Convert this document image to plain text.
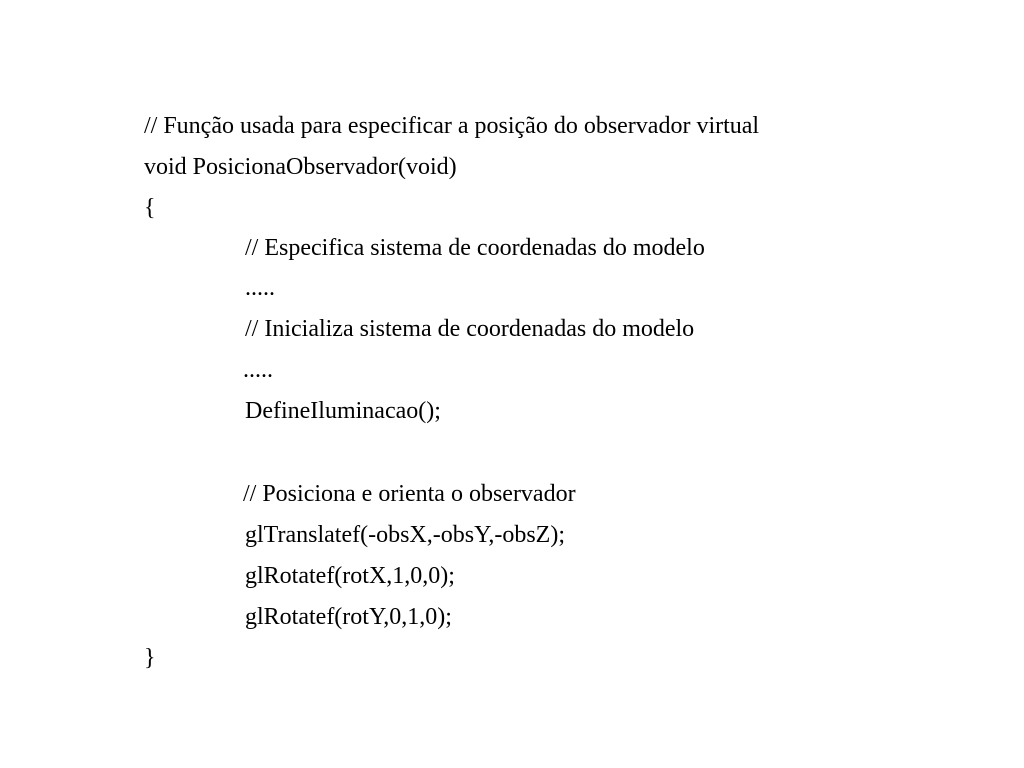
// Função usada para especificar a posição do observador virtual
void PosicionaObservador(void)
{
// Especifica sistema de coordenadas do modelo
.....
// Inicializa sistema de coordenadas do modelo
.....
DefineIluminacao();
// Posiciona e orienta o observador
glTranslatef(-obsX,-obsY,-obsZ);
glRotatef(rotX,1,0,0);
glRotatef(rotY,0,1,0);
}
